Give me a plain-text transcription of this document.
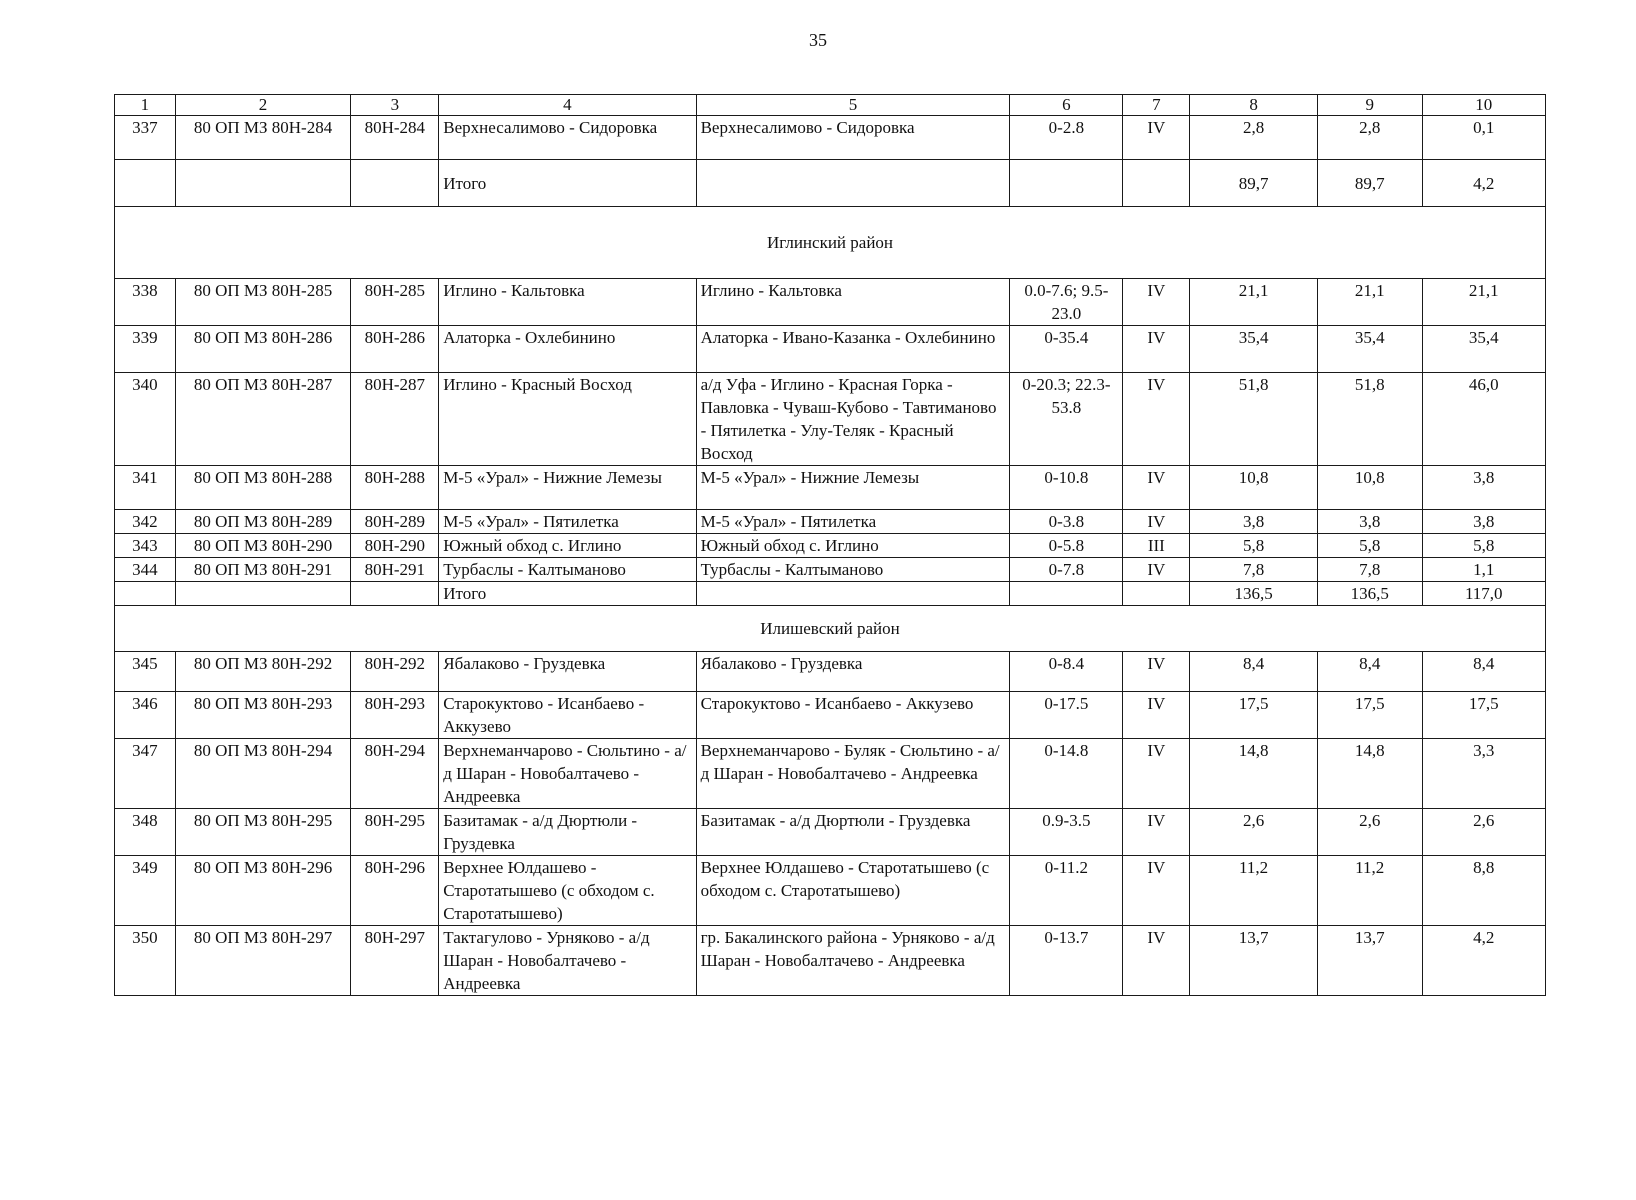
35
1	2	3	4	5	6	7	8	9	10
337	80 ОП МЗ 80Н-284	80Н-284	Верхнесалимово - Сидоровка	Верхнесалимово - Сидоровка	0-2.8	IV	2,8	2,8	0,1
			Итого				89,7	89,7	4,2
Иглинский район									
338	80 ОП МЗ 80Н-285	80Н-285	Иглино - Кальтовка	Иглино - Кальтовка	0.0-7.6; 9.5-23.0	IV	21,1	21,1	21,1
339	80 ОП МЗ 80Н-286	80Н-286	Алаторка - Охлебинино	Алаторка - Ивано-Казанка - Охлебинино	0-35.4	IV	35,4	35,4	35,4
340	80 ОП МЗ 80Н-287	80Н-287	Иглино - Красный Восход	а/д Уфа - Иглино - Красная Горка - Павловка - Чуваш-Кубово - Тавтиманово - Пятилетка - Улу-Теляк - Красный Восход	0-20.3; 22.3-53.8	IV	51,8	51,8	46,0
341	80 ОП МЗ 80Н-288	80Н-288	М-5 «Урал» - Нижние Лемезы	М-5 «Урал» - Нижние Лемезы	0-10.8	IV	10,8	10,8	3,8
342	80 ОП МЗ 80Н-289	80Н-289	М-5 «Урал» - Пятилетка	М-5 «Урал» - Пятилетка	0-3.8	IV	3,8	3,8	3,8
343	80 ОП МЗ 80Н-290	80Н-290	Южный обход с. Иглино	Южный обход с. Иглино	0-5.8	III	5,8	5,8	5,8
344	80 ОП МЗ 80Н-291	80Н-291	Турбаслы - Калтыманово	Турбаслы - Калтыманово	0-7.8	IV	7,8	7,8	1,1
			Итого				136,5	136,5	117,0
Илишевский район									
345	80 ОП МЗ 80Н-292	80Н-292	Ябалаково - Груздевка	Ябалаково - Груздевка	0-8.4	IV	8,4	8,4	8,4
346	80 ОП МЗ 80Н-293	80Н-293	Старокуктово - Исанбаево - Аккузево	Старокуктово - Исанбаево - Аккузево	0-17.5	IV	17,5	17,5	17,5
347	80 ОП МЗ 80Н-294	80Н-294	Верхнеманчарово - Сюльтино - а/д Шаран - Новобалтачево - Андреевка	Верхнеманчарово - Буляк - Сюльтино - а/д Шаран - Новобалтачево - Андреевка	0-14.8	IV	14,8	14,8	3,3
348	80 ОП МЗ 80Н-295	80Н-295	Базитамак - а/д Дюртюли - Груздевка	Базитамак - а/д Дюртюли - Груздевка	0.9-3.5	IV	2,6	2,6	2,6
349	80 ОП МЗ 80Н-296	80Н-296	Верхнее Юлдашево - Старотатышево (с обходом с. Старотатышево)	Верхнее Юлдашево - Старотатышево (с обходом с. Старотатышево)	0-11.2	IV	11,2	11,2	8,8
350	80 ОП МЗ 80Н-297	80Н-297	Тактагулово - Урняково - а/д Шаран - Новобалтачево - Андреевка	гр. Бакалинского района - Урняково - а/д Шаран - Новобалтачево - Андреевка	0-13.7	IV	13,7	13,7	4,2
